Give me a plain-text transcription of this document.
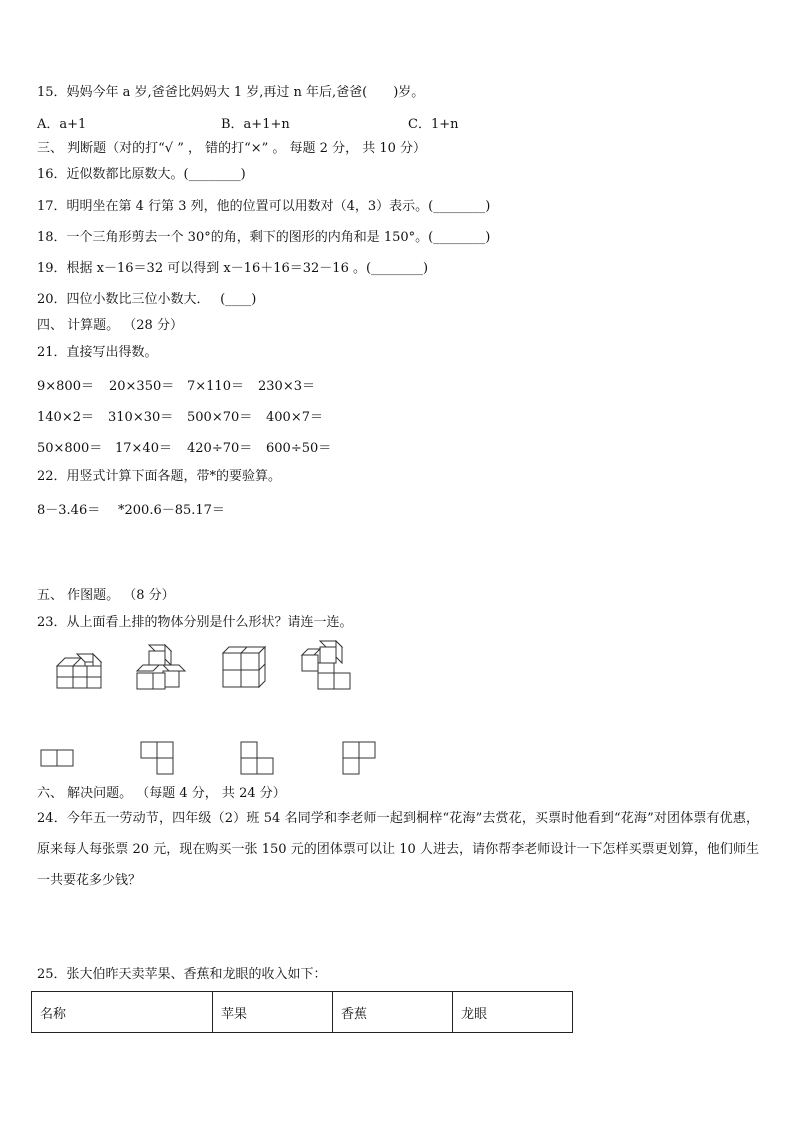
15．妈妈今年 a 岁,爸爸比妈妈大 1 岁,再过 n 年后,爸爸(　　)岁。
A．a+1	B．a+1+n	C．1+n
三、 判断题（对的打“√ ” ， 错的打“×” 。 每题 2 分， 共 10 分）
16．近似数都比原数大。(________)
17．明明坐在第 4 行第 3 列，他的位置可以用数对（4，3）表示。(________)
18．一个三角形剪去一个 30°的角，剩下的图形的内角和是 150°。(________)
19．根据 x－16＝32 可以得到 x－16＋16＝32－16 。(________)
20．四位小数比三位小数大．　 (____)
四、 计算题。 （28 分）
21．直接写出得数。
9×800＝ 20×350＝ 7×110＝ 230×3＝
140×2＝ 310×30＝ 500×70＝ 400×7＝
50×800＝ 17×40＝ 420÷70＝ 600÷50＝
22．用竖式计算下面各题，带*的要验算。
8－3.46＝ *200.6－85.17＝
五、 作图题。 （8 分）
23．从上面看上排的物体分别是什么形状？请连一连。
六、 解决问题。 （每题 4 分， 共 24 分）
24．今年五一劳动节，四年级（2）班 54 名同学和李老师一起到桐梓“花海”去赏花，买票时他看到“花海”对团体票有优惠，原来每人每张票 20 元，现在购买一张 150 元的团体票可以让 10 人进去，请你帮李老师设计一下怎样买票更划算，他们师生一共要花多少钱？
25．张大伯昨天卖苹果、香蕉和龙眼的收入如下：
名称	苹果	香蕉	龙眼
